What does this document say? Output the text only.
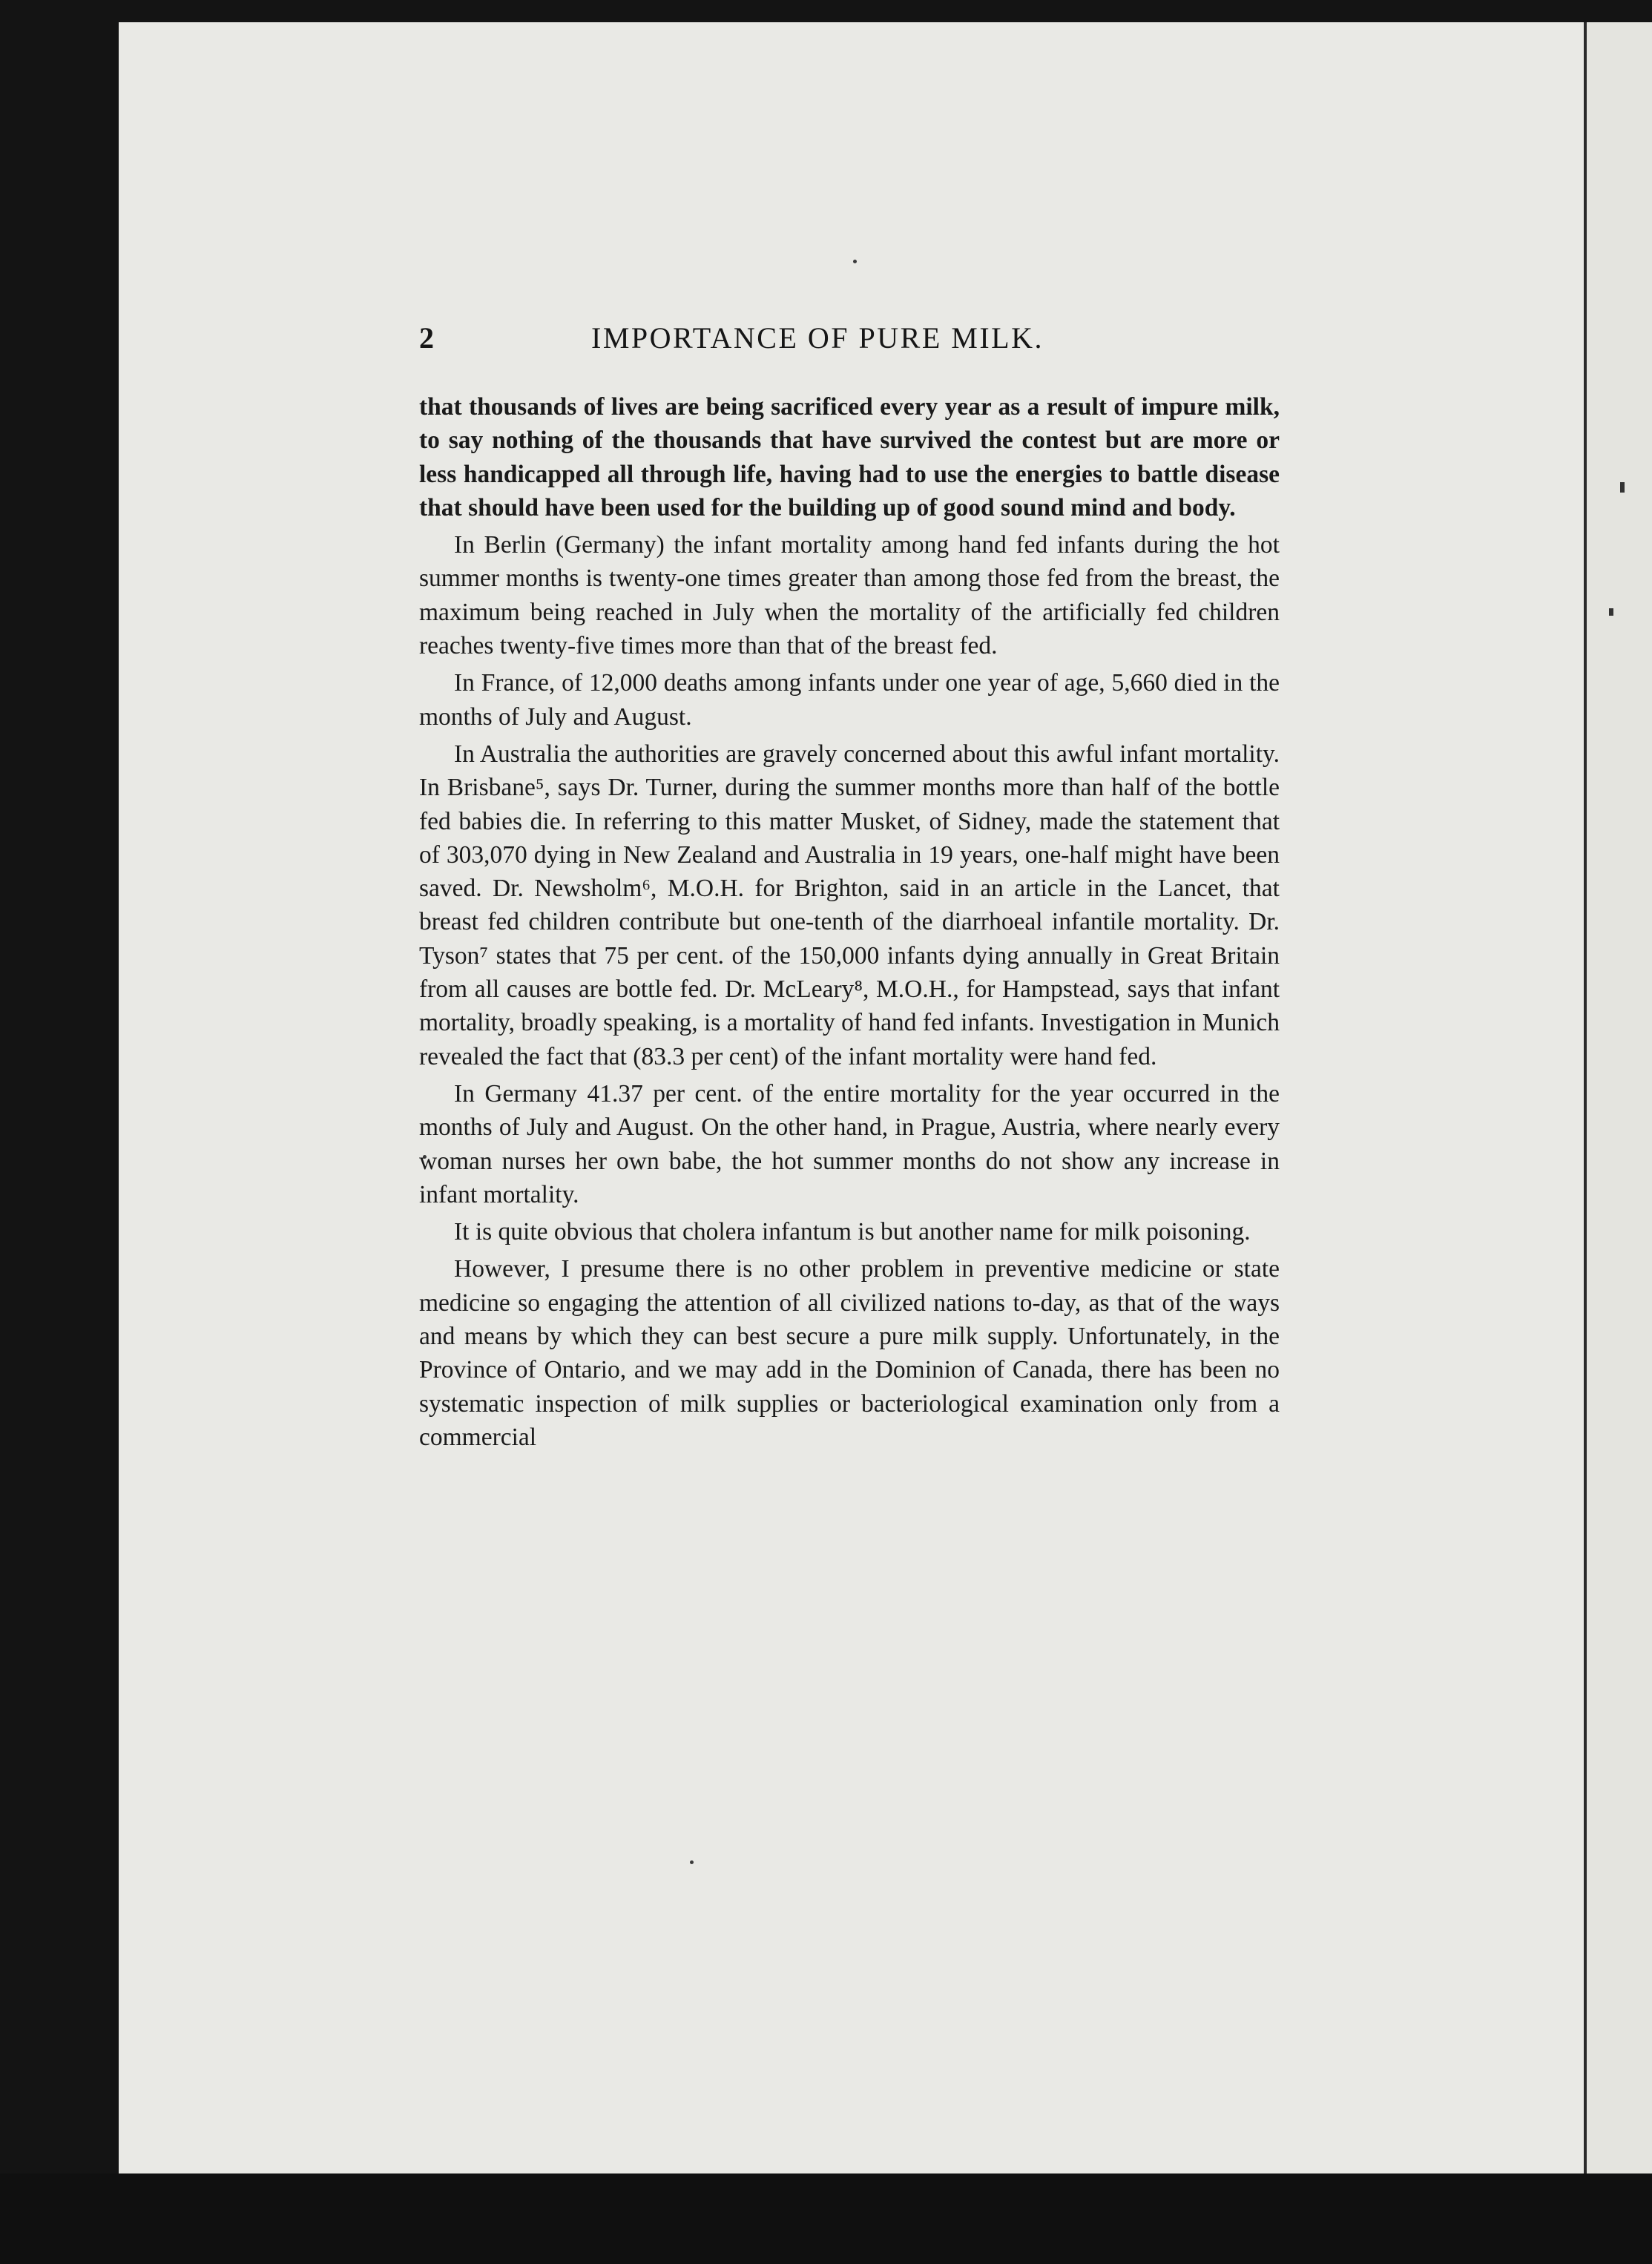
2	IMPORTANCE OF PURE MILK.

that thousands of lives are being sacrificed every year as a result of impure milk, to say nothing of the thousands that have survived the contest but are more or less handicapped all through life, having had to use the energies to battle disease that should have been used for the building up of good sound mind and body.

In Berlin (Germany) the infant mortality among hand fed infants during the hot summer months is twenty-one times greater than among those fed from the breast, the maximum being reached in July when the mortality of the artificially fed children reaches twenty-five times more than that of the breast fed.

In France, of 12,000 deaths among infants under one year of age, 5,660 died in the months of July and August.

In Australia the authorities are gravely concerned about this awful infant mortality. In Brisbane⁵, says Dr. Turner, during the summer months more than half of the bottle fed babies die. In referring to this matter Musket, of Sidney, made the statement that of 303,070 dying in New Zealand and Australia in 19 years, one-half might have been saved. Dr. Newsholm⁶, M.O.H. for Brighton, said in an article in the Lancet, that breast fed children contribute but one-tenth of the diarrhoeal infantile mortality. Dr. Tyson⁷ states that 75 per cent. of the 150,000 infants dying annually in Great Britain from all causes are bottle fed. Dr. McLeary⁸, M.O.H., for Hampstead, says that infant mortality, broadly speaking, is a mortality of hand fed infants. Investigation in Munich revealed the fact that (83.3 per cent) of the infant mortality were hand fed.

In Germany 41.37 per cent. of the entire mortality for the year occurred in the months of July and August. On the other hand, in Prague, Austria, where nearly every woman nurses her own babe, the hot summer months do not show any increase in infant mortality.

It is quite obvious that cholera infantum is but another name for milk poisoning.

However, I presume there is no other problem in preventive medicine or state medicine so engaging the attention of all civilized nations to-day, as that of the ways and means by which they can best secure a pure milk supply. Unfortunately, in the Province of Ontario, and we may add in the Dominion of Canada, there has been no systematic inspection of milk supplies or bacteriological examination only from a commercial
